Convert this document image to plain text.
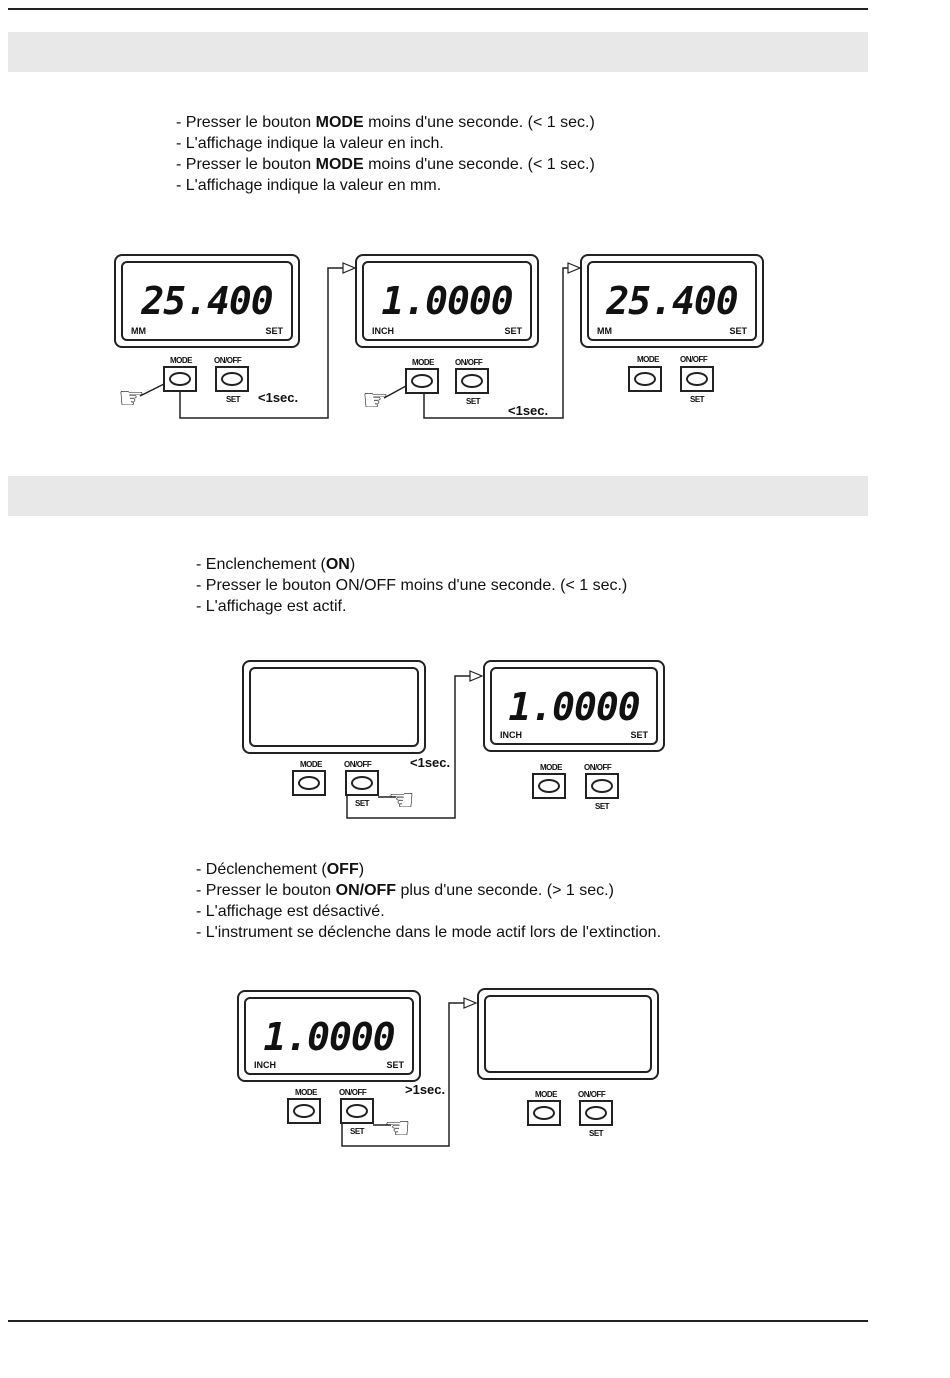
- Presser le bouton MODE moins d'une seconde. (< 1 sec.)
- L'affichage indique la valeur en inch.
- Presser le bouton MODE moins d'une seconde. (< 1 sec.)
- L'affichage indique la valeur en mm.
25.400
MM	SET
MODE	ON/OFF
SET <1sec.
☞
1.0000
INCH	SET
MODE	ON/OFF
SET
<1sec.
☞
25.400
MM	SET
MODE	ON/OFF
SET
- Enclenchement (ON)
- Presser le bouton ON/OFF moins d'une seconde. (< 1 sec.)
- L'affichage est actif.
MODE	ON/OFF
SET
<1sec.
☞
1.0000
INCH	SET
MODE	ON/OFF
SET
- Déclenchement (OFF)
- Presser le bouton ON/OFF plus d'une seconde. (> 1 sec.)
- L'affichage est désactivé.
- L'instrument se déclenche dans le mode actif lors de l'extinction.
1.0000
INCH	SET
MODE	ON/OFF
SET
>1sec.
☞
MODE	ON/OFF
SET
